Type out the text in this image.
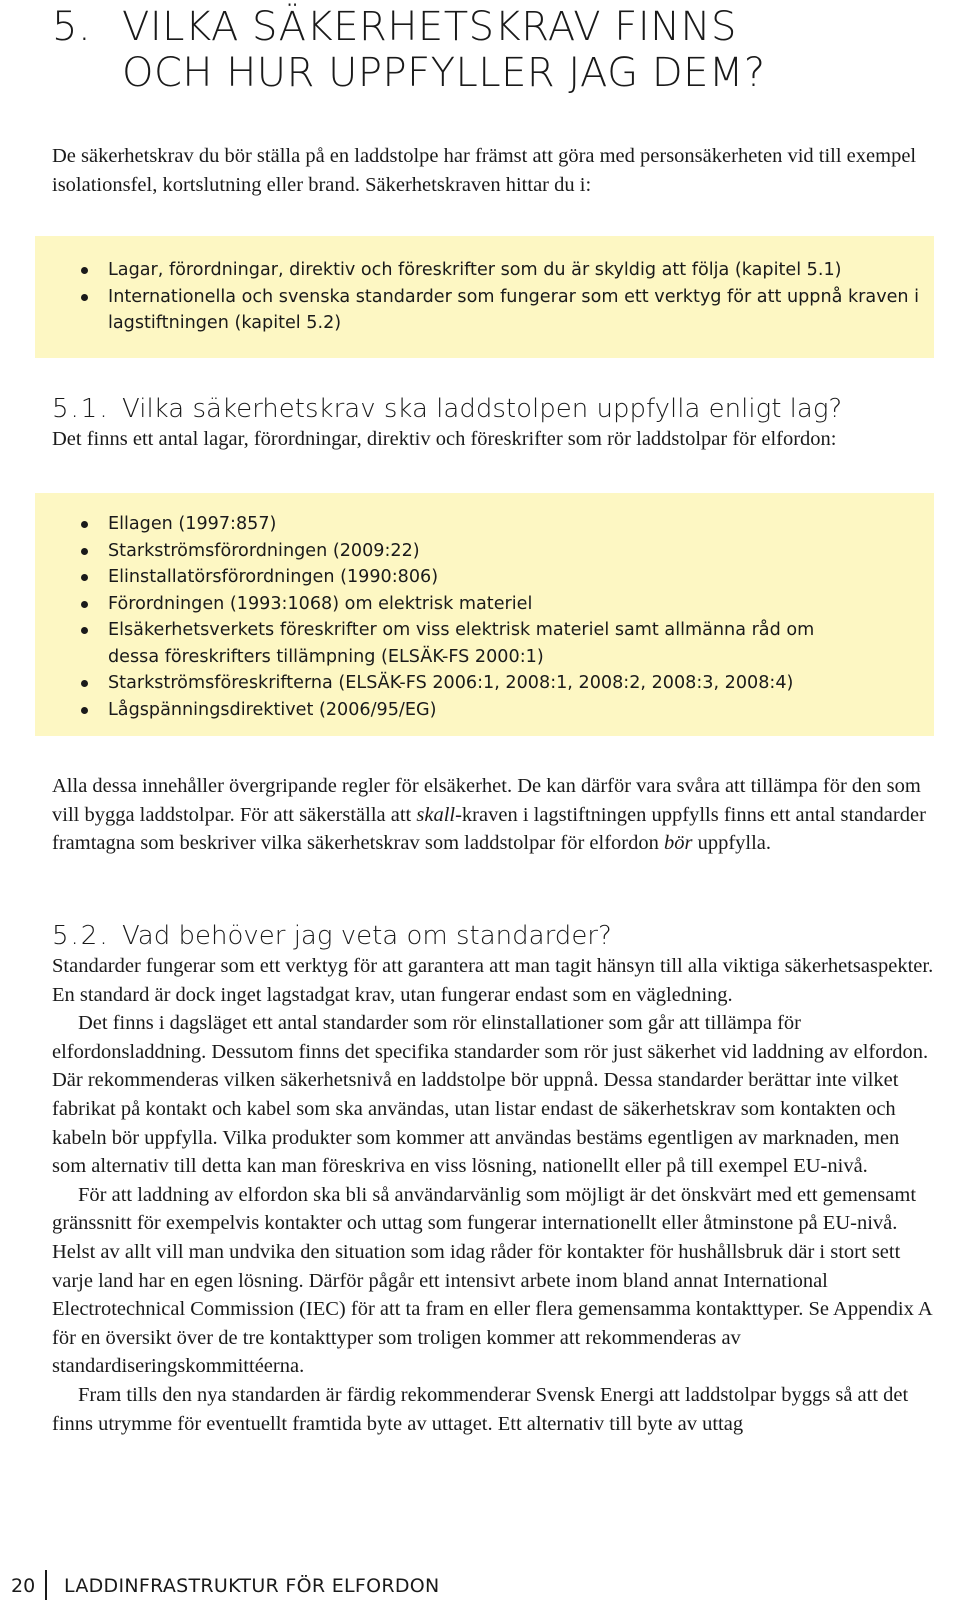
5. VILKA SÄKERHETSKRAV FINNS
OCH HUR UPPFYLLER JAG DEM?

De säkerhetskrav du bör ställa på en laddstolpe har främst att göra med personsäkerheten vid till exempel isolationsfel, kortslutning eller brand. Säkerhetskraven hittar du i:

Lagar, förordningar, direktiv och föreskrifter som du är skyldig att följa (kapitel 5.1)
Internationella och svenska standarder som fungerar som ett verktyg för att uppnå kraven i lagstiftningen (kapitel 5.2)
5.1. Vilka säkerhetskrav ska laddstolpen uppfylla enligt lag?

Det finns ett antal lagar, förordningar, direktiv och föreskrifter som rör laddstolpar för elfordon:

Ellagen (1997:857)
Starkströmsförordningen (2009:22)
Elinstallatörsförordningen (1990:806)
Förordningen (1993:1068) om elektrisk materiel
Elsäkerhetsverkets föreskrifter om viss elektrisk materiel samt allmänna råd om dessa föreskrifters tillämpning (ELSÄK-FS 2000:1)
Starkströmsföreskrifterna (ELSÄK-FS 2006:1, 2008:1, 2008:2, 2008:3, 2008:4)
Lågspänningsdirektivet (2006/95/EG)

Alla dessa innehåller övergripande regler för elsäkerhet. De kan därför vara svåra att tillämpa för den som vill bygga laddstolpar. För att säkerställa att skall-kraven i lagstiftningen uppfylls finns ett antal standarder framtagna som beskriver vilka säkerhetskrav som laddstolpar för elfordon bör uppfylla.

5.2. Vad behöver jag veta om standarder?

Standarder fungerar som ett verktyg för att garantera att man tagit hänsyn till alla viktiga säkerhetsaspekter. En standard är dock inget lagstadgat krav, utan fungerar endast som en vägledning.

Det finns i dagsläget ett antal standarder som rör elinstallationer som går att tillämpa för elfordonsladdning. Dessutom finns det specifika standarder som rör just säkerhet vid laddning av elfordon. Där rekommenderas vilken säkerhetsnivå en laddstolpe bör uppnå. Dessa standarder berättar inte vilket fabrikat på kontakt och kabel som ska användas, utan listar endast de säkerhetskrav som kontakten och kabeln bör uppfylla. Vilka produkter som kommer att användas bestäms egentligen av marknaden, men som alternativ till detta kan man föreskriva en viss lösning, nationellt eller på till exempel EU-nivå.

För att laddning av elfordon ska bli så användarvänlig som möjligt är det önskvärt med ett gemensamt gränssnitt för exempelvis kontakter och uttag som fungerar internationellt eller åtminstone på EU-nivå. Helst av allt vill man undvika den situation som idag råder för kontakter för hushållsbruk där i stort sett varje land har en egen lösning. Därför pågår ett intensivt arbete inom bland annat International Electrotechnical Commission (IEC) för att ta fram en eller flera gemensamma kontakttyper. Se Appendix A för en översikt över de tre kontakttyper som troligen kommer att rekommenderas av standardiseringskommittéerna.

Fram tills den nya standarden är färdig rekommenderar Svensk Energi att laddstolpar byggs så att det finns utrymme för eventuellt framtida byte av uttaget. Ett alternativ till byte av uttag

20 LADDINFRASTRUKTUR FÖR ELFORDON
